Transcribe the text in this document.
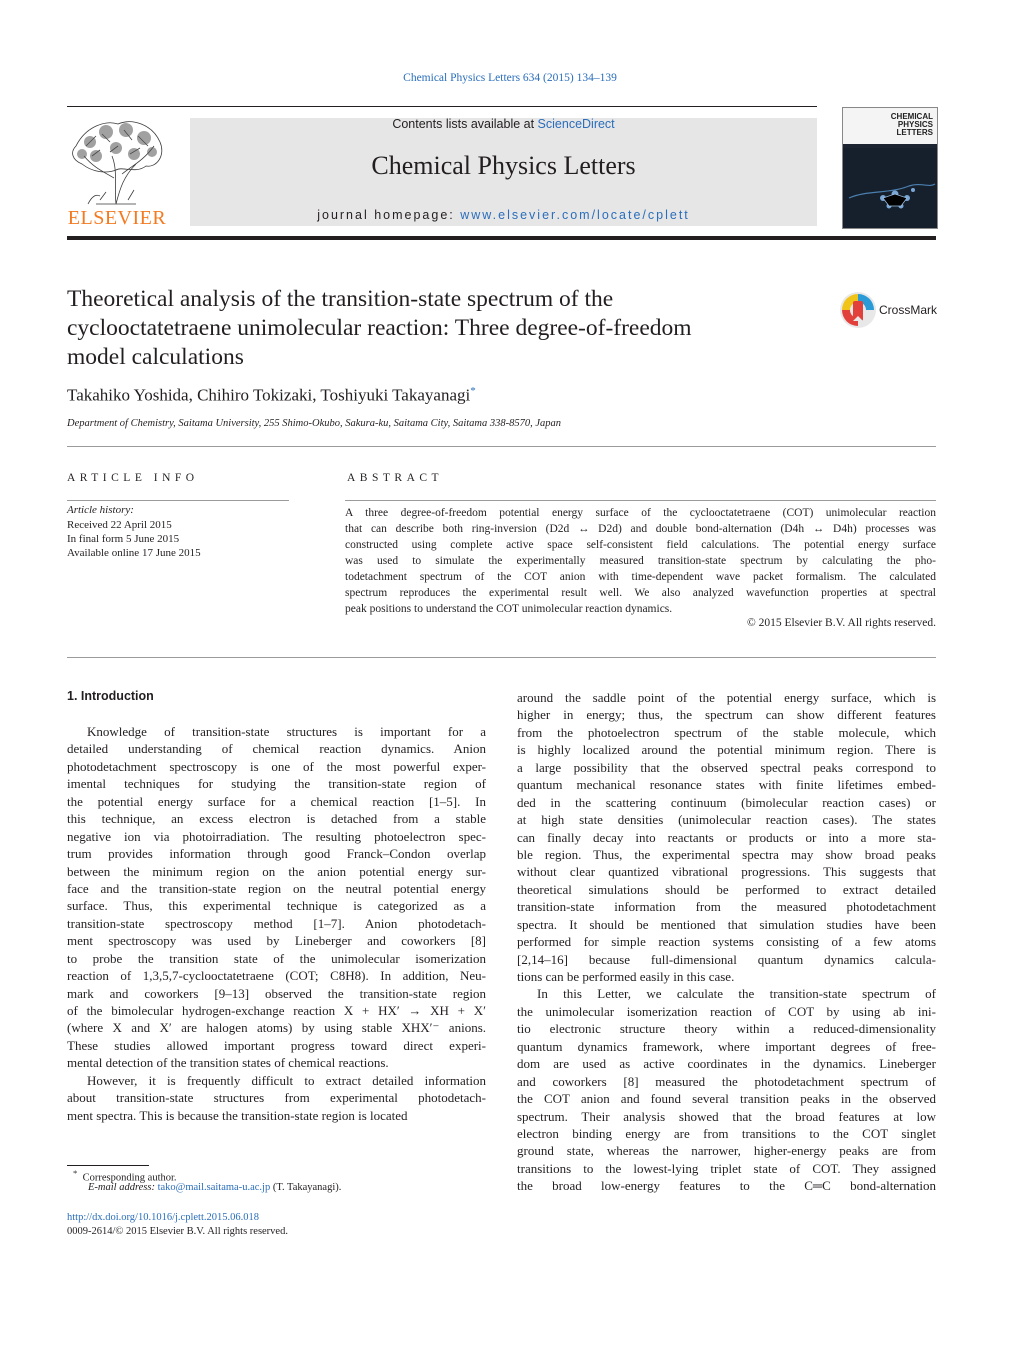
Chemical Physics Letters 634 (2015) 134–139
ELSEVIER
Contents lists available at ScienceDirect
Chemical Physics Letters
journal homepage: www.elsevier.com/locate/cplett
CHEMICAL
PHYSICS
LETTERS
Theoretical analysis of the transition-state spectrum of the
cyclooctatetraene unimolecular reaction: Three degree-of-freedom
model calculations
CrossMark
Takahiko Yoshida, Chihiro Tokizaki, Toshiyuki Takayanagi*
Department of Chemistry, Saitama University, 255 Shimo-Okubo, Sakura-ku, Saitama City, Saitama 338-8570, Japan
ARTICLE INFO
Article history:
Received 22 April 2015
In final form 5 June 2015
Available online 17 June 2015
ABSTRACT
A three degree-of-freedom potential energy surface of the cyclooctatetraene (COT) unimolecular reaction
that can describe both ring-inversion (D2d ↔ D2d) and double bond-alternation (D4h ↔ D4h) processes was
constructed using complete active space self-consistent field calculations. The potential energy surface
was used to simulate the experimentally measured transition-state spectrum by calculating the pho-
todetachment spectrum of the COT anion with time-dependent wave packet formalism. The calculated
spectrum reproduces the experimental result well. We also analyzed wavefunction properties at spectral
peak positions to understand the COT unimolecular reaction dynamics.
© 2015 Elsevier B.V. All rights reserved.
1. Introduction
Knowledge of transition-state structures is important for a
detailed understanding of chemical reaction dynamics. Anion
photodetachment spectroscopy is one of the most powerful exper-
imental techniques for studying the transition-state region of
the potential energy surface for a chemical reaction [1–5]. In
this technique, an excess electron is detached from a stable
negative ion via photoirradiation. The resulting photoelectron spec-
trum provides information through good Franck–Condon overlap
between the minimum region on the anion potential energy sur-
face and the transition-state region on the neutral potential energy
surface. Thus, this experimental technique is categorized as a
transition-state spectroscopy method [1–7]. Anion photodetach-
ment spectroscopy was used by Lineberger and coworkers [8]
to probe the transition state of the unimolecular isomerization
reaction of 1,3,5,7-cyclooctatetraene (COT; C8H8). In addition, Neu-
mark and coworkers [9–13] observed the transition-state region
of the bimolecular hydrogen-exchange reaction X + HX′ → XH + X′
(where X and X′ are halogen atoms) by using stable XHX′⁻ anions.
These studies allowed important progress toward direct experi-
mental detection of the transition states of chemical reactions.
However, it is frequently difficult to extract detailed information
about transition-state structures from experimental photodetach-
ment spectra. This is because the transition-state region is located
around the saddle point of the potential energy surface, which is
higher in energy; thus, the spectrum can show different features
from the photoelectron spectrum of the stable molecule, which
is highly localized around the potential minimum region. There is
a large possibility that the observed spectral peaks correspond to
quantum mechanical resonance states with finite lifetimes embed-
ded in the scattering continuum (bimolecular reaction cases) or
at high state densities (unimolecular reaction cases). The states
can finally decay into reactants or products or into a more sta-
ble region. Thus, the experimental spectra may show broad peaks
without clear quantized vibrational progressions. This suggests that
theoretical simulations should be performed to extract detailed
transition-state information from the measured photodetachment
spectra. It should be mentioned that simulation studies have been
performed for simple reaction systems consisting of a few atoms
[2,14–16] because full-dimensional quantum dynamics calcula-
tions can be performed easily in this case.
In this Letter, we calculate the transition-state spectrum of
the unimolecular isomerization reaction of COT by using ab ini-
tio electronic structure theory within a reduced-dimensionality
quantum dynamics framework, where important degrees of free-
dom are used as active coordinates in the dynamics. Lineberger
and coworkers [8] measured the photodetachment spectrum of
the COT anion and found several transition peaks in the observed
spectrum. Their analysis showed that the broad features at low
electron binding energy are from transitions to the COT singlet
ground state, whereas the narrower, higher-energy peaks are from
transitions to the lowest-lying triplet state of COT. They assigned
the broad low-energy features to the C═C bond-alternation
* Corresponding author.
E-mail address: tako@mail.saitama-u.ac.jp (T. Takayanagi).
http://dx.doi.org/10.1016/j.cplett.2015.06.018
0009-2614/© 2015 Elsevier B.V. All rights reserved.
